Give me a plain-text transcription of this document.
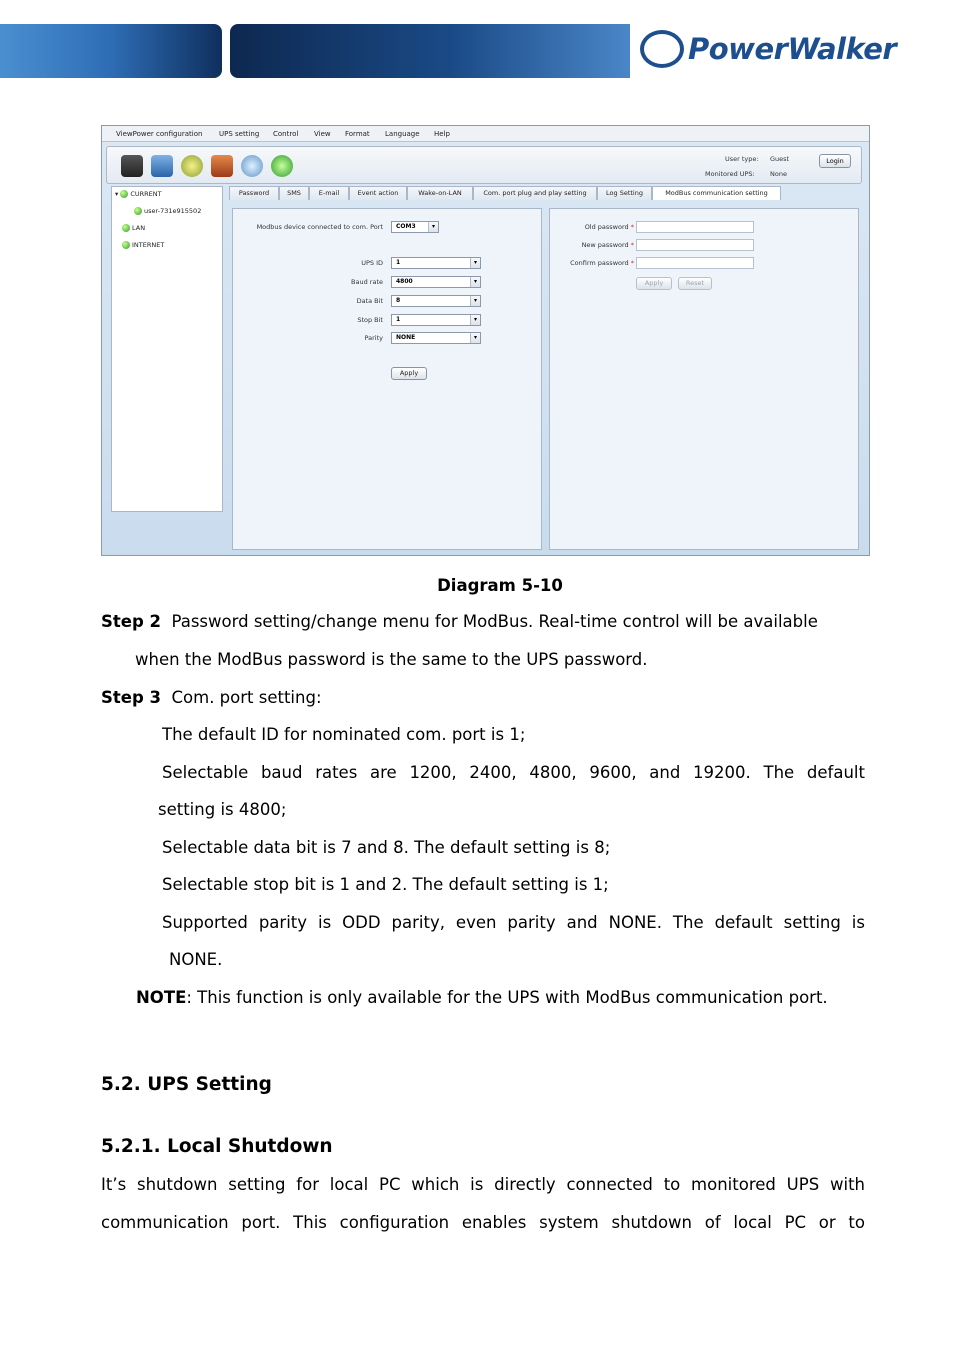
PowerWalker
ViewPower configuration UPS setting Control View Format Language Help
User type: Guest
Monitored UPS: None
Login
▾ CURRENT
user-731e915502
LAN
INTERNET
Password	SMS	E-mail	Event action	Wake-on-LAN	Com. port plug and play setting	Log Setting	ModBus communication setting
Modbus device connected to com. Port	COM3	▾
UPS ID	1	▾
Baud rate	4800	▾
Data Bit	8	▾
Stop Bit	1	▾
Parity	NONE	▾
Apply
Old password *
New password *
Confirm password *
Apply	Reset
Diagram 5-10
Step 2 Password setting/change menu for ModBus. Real-time control will be available
when the ModBus password is the same to the UPS password.
Step 3 Com. port setting:
The default ID for nominated com. port is 1;
Selectable baud rates are 1200, 2400, 4800, 9600, and 19200. The default
setting is 4800;
Selectable data bit is 7 and 8. The default setting is 8;
Selectable stop bit is 1 and 2. The default setting is 1;
Supported parity is ODD parity, even parity and NONE. The default setting is
NONE.
NOTE: This function is only available for the UPS with ModBus communication port.
5.2. UPS Setting
5.2.1. Local Shutdown
It’s shutdown setting for local PC which is directly connected to monitored UPS with
communication port. This configuration enables system shutdown of local PC or to
